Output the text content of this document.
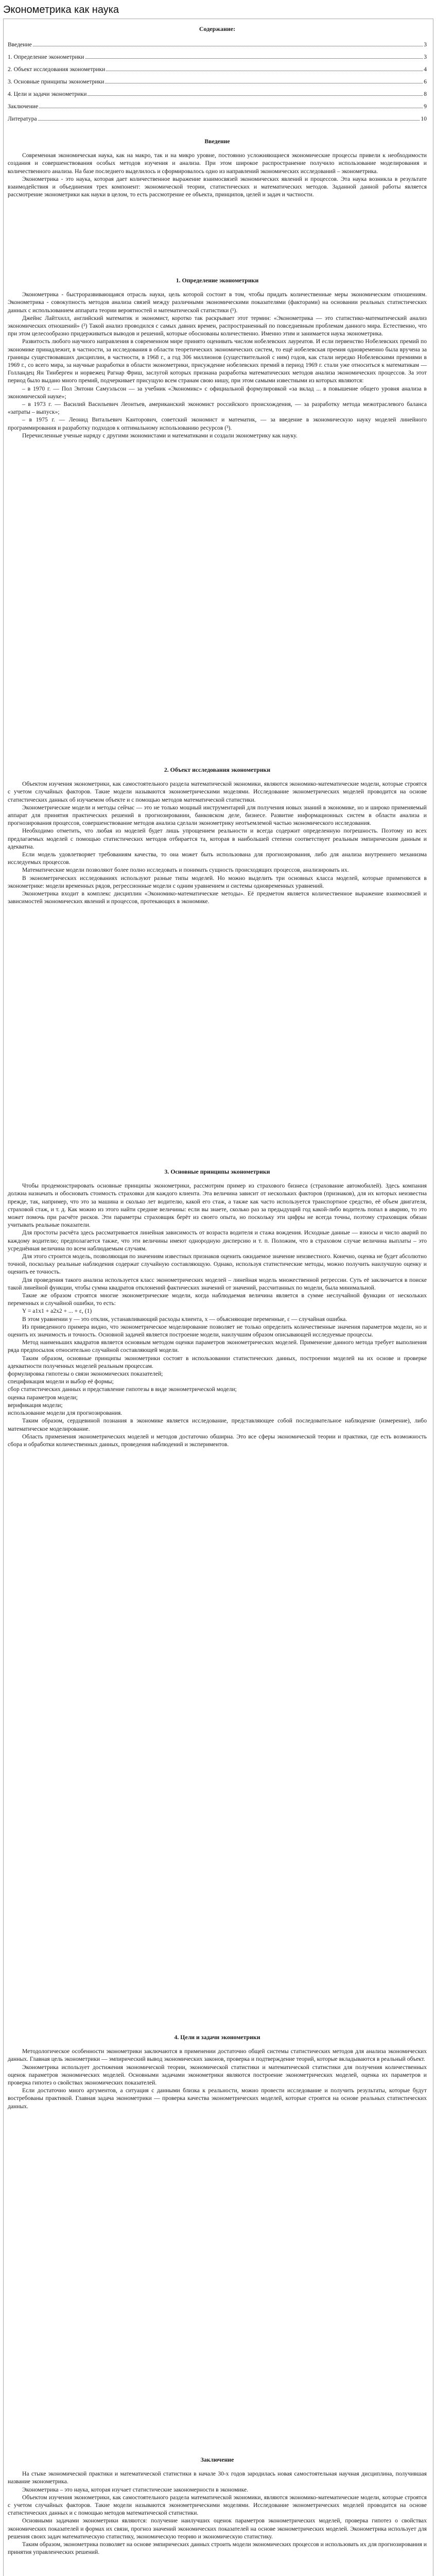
Эконометрика как наука
Содержание:
Введение	3
1. Определение эконометрики	3
2. Объект исследования эконометрики	4
3. Основные принципы эконометрики	6
4. Цели и задачи эконометрики	8
Заключение	9
Литература	10
Введение

Современная экономическая наука, как на макро, так и на микро уровне, постоянно усложняющиеся экономические процессы привели к необходимости создания и совершенствования особых методов изучения и анализа. При этом широкое распространение получило использование моделирования и количественного анализа. На базе последнего выделилось и сформировалось одно из направлений экономических исследований – эконометрика.

Эконометрика - это наука, которая дает количественное выражение взаимосвязей экономических явлений и процессов. Эта наука возникла в результате взаимодействия и объединения трех компонент: экономической теории, статистических и математических методов. Заданной данной работы является рассмотрение эконометрики как науки в целом, то есть рассмотрение ее объекта, принципов, целей и задач и частности.

1. Определение эконометрики

Эконометрика - быстроразвивающаяся отрасль науки, цель которой состоит в том, чтобы придать количественные меры экономическим отношениям. Эконометрика - совокупность методов анализа связей между различными экономическими показателями (факторами) на основании реальных статистических данных с использованием аппарата теории вероятностей и математической статистики (¹).

Джейнс Лайтхилл, английский математик и экономист, коротко так раскрывает этот термин: «Эконометрика — это статистико-математический анализ экономических отношений» (²) Такой анализ проводился с самых давних времен, распространенный по повседневным проблемам данного мира. Естественно, что при этом целесообразно придерживаться выводов и решений, которые обоснованы количественно. Именно этим и занимается наука эконометрика.

Развитость любого научного направления в современном мире принято оценивать числом нобелевских лауреатов. И если первенство Нобелевских премий по экономике принадлежит, в частности, за исследования в области теоретических экономических систем, то ещё нобелевская премия одновременно была вручена за границы существовавших дисциплин, в частности, в 1968 г., а год 306 миллионов (существительной с ним) годов, как стали нередко Нобелевскими премиями в 1969 г., со всего мира, за научные разработки в области эконометрики, присуждение нобелевских премий в период 1969 г. стали уже относиться к математикам — Голландец Ян Тинберген и норвежец Рагнар Фриш, заслугой которых признана разработка математических методов анализа экономических процессов. За этот период было выдано много премий, подчеркивает присущую всем странам свою нишу, при этом самыми известными из которых являются:

– в 1970 г. — Пол Энтони Самуэльсон — за учебник «Экономикс» с официальной формулировкой «за вклад ... в повышение общего уровня анализа в экономической науке»;

– в 1973 г. — Василий Васильевич Леонтьев, американский экономист российского происхождения, — за разработку метода межотраслевого баланса «затраты – выпуск»;

– в 1975 г. — Леонид Витальевич Канторович, советский экономист и математик, — за введение в экономическую науку моделей линейного программирования и разработку подходов к оптимальному использованию ресурсов (³).

Перечисленные ученые наряду с другими экономистами и математиками и создали эконометрику как науку.

2. Объект исследования эконометрики

Объектом изучения эконометрики, как самостоятельного раздела математической экономики, являются экономико-математические модели, которые строятся с учетом случайных факторов. Такие модели называются эконометрическими моделями. Исследование эконометрических моделей проводится на основе статистических данных об изучаемом объекте и с помощью методов математической статистики.

Эконометрические модели и методы сейчас — это не только мощный инструментарий для получения новых знаний в экономике, но и широко применяемый аппарат для принятия практических решений в прогнозировании, банковском деле, бизнесе. Развитие информационных систем в области анализа и прогнозирования процессов, совершенствование методов анализа сделали эконометрику неотъемлемой частью экономического исследования.

Необходимо отметить, что любая из моделей будет лишь упрощением реальности и всегда содержит определенную погрешность. Поэтому из всех предлагаемых моделей с помощью статистических методов отбирается та, которая в наибольшей степени соответствует реальным эмпирическим данным и адекватна.

Если модель удовлетворяет требованиям качества, то она может быть использована для прогнозирования, либо для анализа внутреннего механизма исследуемых процессов.

Математические модели позволяют более полно исследовать и понимать сущность происходящих процессов, анализировать их.

В эконометрических исследованиях используют разные типы моделей. Но можно выделить три основных класса моделей, которые применяются в эконометрике: модели временных рядов, регрессионные модели с одним уравнением и системы одновременных уравнений.

Эконометрика входит в комплекс дисциплин «Экономико-математические методы». Её предметом является количественное выражение взаимосвязей и зависимостей экономических явлений и процессов, протекающих в экономике.

3. Основные принципы эконометрики

Чтобы продемонстрировать основные принципы эконометрики, рассмотрим пример из страхового бизнеса (страхование автомобилей). Здесь компания должна назначать и обосновать стоимость страховки для каждого клиента. Эта величина зависит от нескольких факторов (признаков), для их которых неизвестна прежде, так, например, что это за машина и сколько лет водителю, какой его стаж, а также как часто используется транспортное средство, её объем двигателя, страховой стаж, и т. д. Как можно из этого найти средние величины: если вы знаете, сколько раз за предыдущий год какой-либо водитель попал в аварию, то это может помочь при расчёте рисков. Эти параметры страховщик берёт из своего опыта, но поскольку эти цифры не всегда точны, поэтому страховщик обязан учитывать реальные показатели.

Для простоты расчёта здесь рассматривается линейная зависимость от возраста водителя и стажа вождения. Исходные данные — взносы и число аварий по каждому водителю; предполагается также, что эти величины имеют однородную дисперсию и т. п. Положим, что в страховом случае величина выплаты – это усреднённая величина по всем наблюдаемым случаям.

Для этого строится модель, позволяющая по значениям известных признаков оценить ожидаемое значение неизвестного. Конечно, оценка не будет абсолютно точной, поскольку реальные наблюдения содержат случайную составляющую. Однако, используя статистические методы, можно получить наилучшую оценку и оценить ее точность.

Для проведения такого анализа используется класс эконометрических моделей – линейная модель множественной регрессии. Суть её заключается в поиске такой линейной функции, чтобы сумма квадратов отклонений фактических значений от значений, рассчитанных по модели, была минимальной.

Такие же образом строятся многие эконометрические модели, когда наблюдаемая величина является в сумме неслучайной функции от нескольких переменных и случайной ошибки, то есть:

Y = a1x1 + a2x2 + ... + ε, (1)

В этом уравнении y — это отклик, устанавливающий расходы клиента, x — объясняющие переменные, ε — случайная ошибка.

Из приведенного примера видно, что эконометрическое моделирование позволяет не только определить количественные значения параметров модели, но и оценить их значимость и точность. Основной задачей является построение модели, наилучшим образом описывающей исследуемые процессы.

Метод наименьших квадратов является основным методом оценки параметров эконометрических моделей. Применение данного метода требует выполнения ряда предпосылок относительно случайной составляющей модели.

Таким образом, основные принципы эконометрики состоят в использовании статистических данных, построении моделей на их основе и проверке адекватности полученных моделей реальным процессам.

формулировка гипотезы о связи экономических показателей;

спецификация модели и выбор её формы;

сбор статистических данных и представление гипотезы в виде эконометрической модели;

оценка параметров модели;

верификация модели;

использование модели для прогнозирования.

Таким образом, сердцевиной познания в экономике является исследование, представляющее собой последовательное наблюдение (измерение), либо математическое моделирование.

Область применения эконометрических моделей и методов достаточно обширна. Это все сферы экономической теории и практики, где есть возможность сбора и обработки количественных данных, проведения наблюдений и экспериментов.

4. Цели и задачи эконометрики

Методологическое особенности эконометрики заключаются в применении достаточно общей системы статистических методов для анализа экономических данных. Главная цель эконометрики — эмпирический вывод экономических законов, проверка и подтверждение теорий, которые вкладываются в реальный объект.

Эконометрика использует достижения экономической теории, экономической статистики и математической статистики для получения количественных оценок параметров экономических моделей. Основными задачами эконометрики являются построение эконометрических моделей, оценка их параметров и проверка гипотез о свойствах экономических показателей.

Если достаточно много аргументов, а ситуация с данными близка к реальности, можно провести исследование и получить результаты, которые будут востребованы практикой. Главная задача эконометрики — проверка качества эконометрических моделей, которые строятся на основе реальных статистических данных.

Заключение

На стыке экономической практики и математической статистики в начале 30-х годов зародилась новая самостоятельная научная дисциплина, получившая название эконометрика.

Эконометрика – это наука, которая изучает статистические закономерности в экономике.

Объектом изучения эконометрики, как самостоятельного раздела математической экономики, являются экономико-математические модели, которые строятся с учетом случайных факторов. Такие модели называются эконометрическими моделями. Исследование эконометрических моделей проводится на основе статистических данных и с помощью методов математической статистики.

Основными задачами эконометрики являются: получение наилучших оценок параметров эконометрических моделей, проверка гипотез о свойствах экономических показателей и формах их связи, прогноз значений экономических показателей на основе эконометрических моделей. Эконометрика использует для решения своих задач математическую статистику, экономическую теорию и экономическую статистику.

Таким образом, эконометрика позволяет на основе эмпирических данных строить модели экономических процессов и использовать их для прогнозирования и принятия управленческих решений.
